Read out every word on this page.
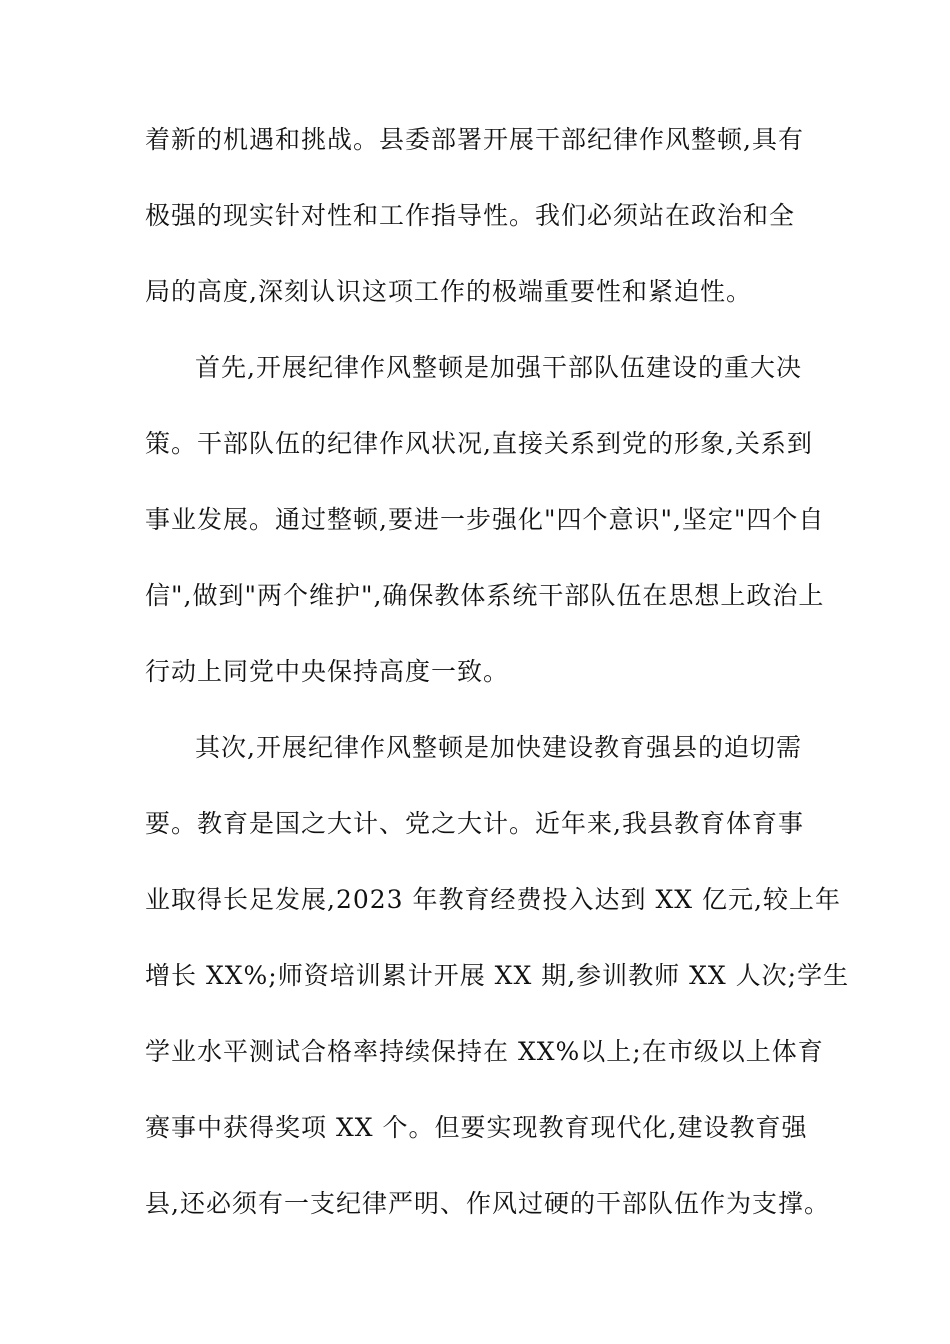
着新的机遇和挑战。县委部署开展干部纪律作风整顿,具有
极强的现实针对性和工作指导性。我们必须站在政治和全
局的高度,深刻认识这项工作的极端重要性和紧迫性。
首先,开展纪律作风整顿是加强干部队伍建设的重大决
策。干部队伍的纪律作风状况,直接关系到党的形象,关系到
事业发展。通过整顿,要进一步强化"四个意识",坚定"四个自
信",做到"两个维护",确保教体系统干部队伍在思想上政治上
行动上同党中央保持高度一致。
其次,开展纪律作风整顿是加快建设教育强县的迫切需
要。教育是国之大计、党之大计。近年来,我县教育体育事
业取得长足发展,2023 年教育经费投入达到 XX 亿元,较上年
增长 XX%;师资培训累计开展 XX 期,参训教师 XX 人次;学生
学业水平测试合格率持续保持在 XX%以上;在市级以上体育
赛事中获得奖项 XX 个。但要实现教育现代化,建设教育强
县,还必须有一支纪律严明、作风过硬的干部队伍作为支撑。
